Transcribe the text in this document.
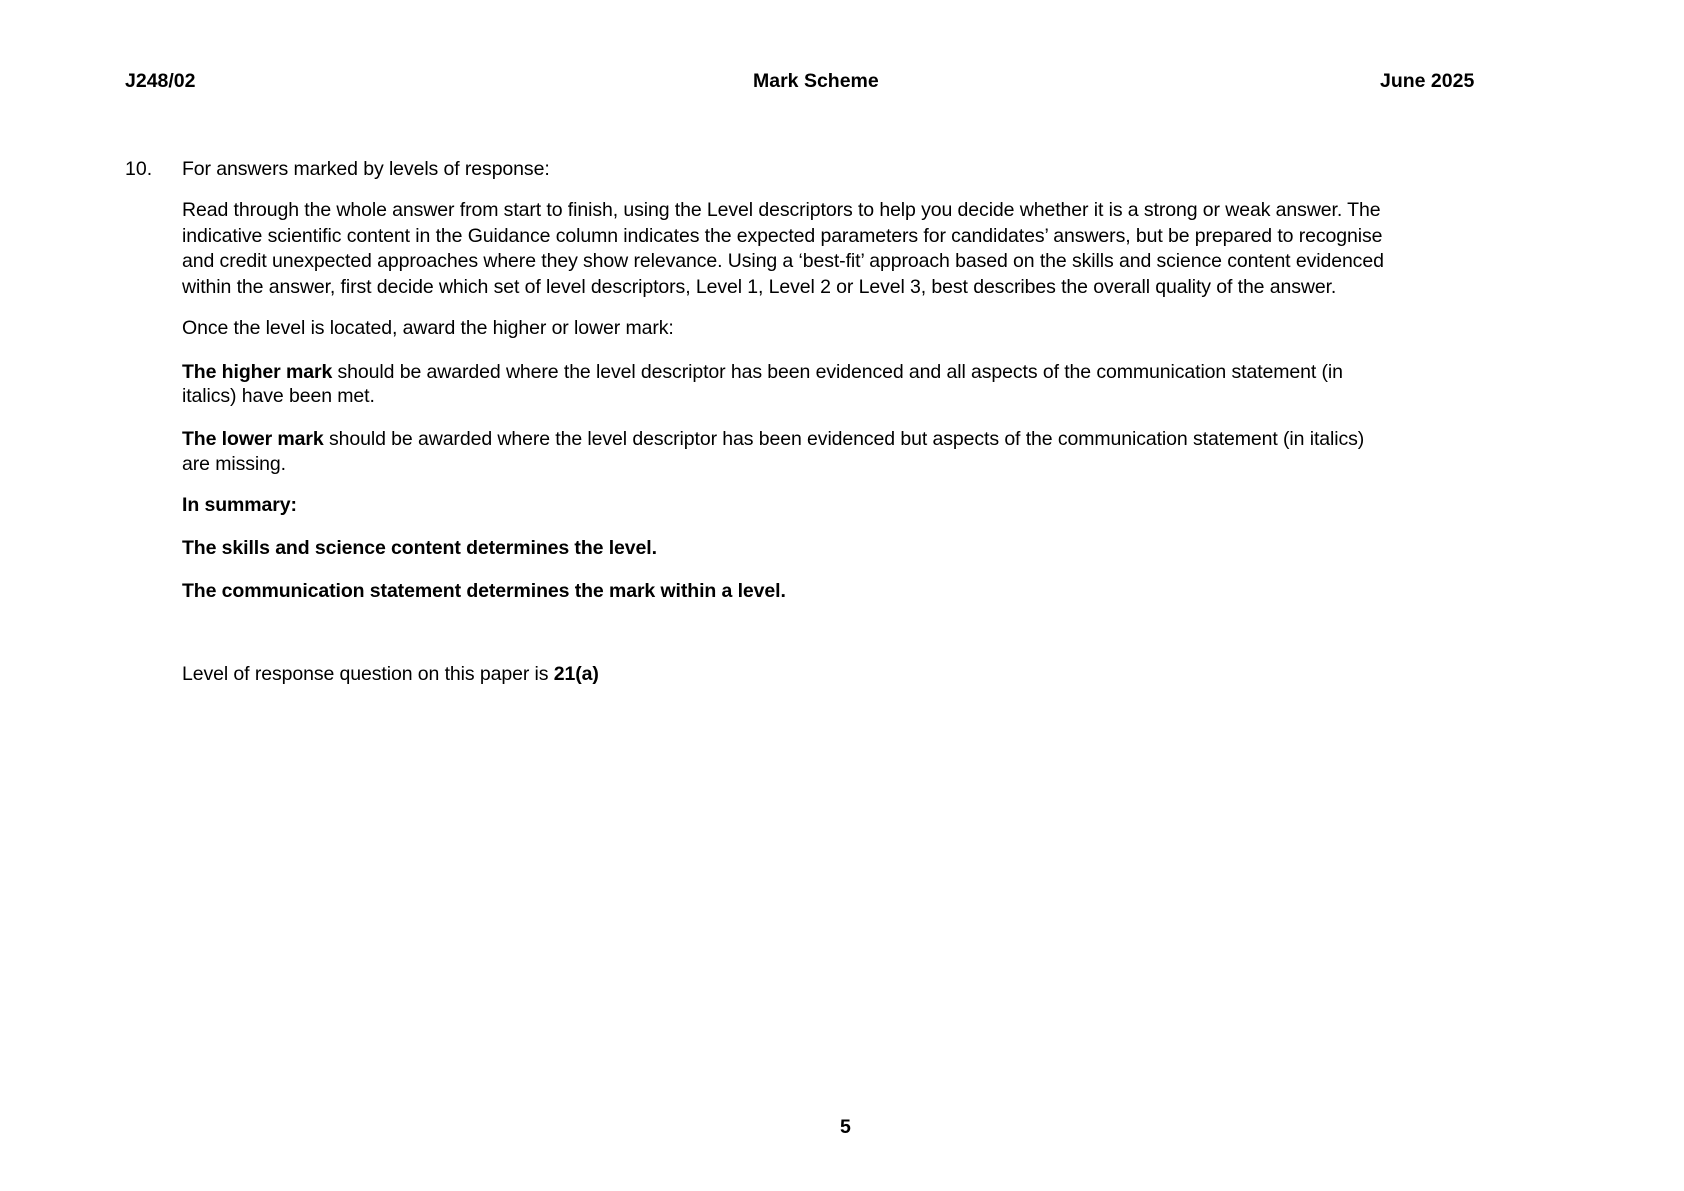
J248/02	Mark Scheme	June 2025
10. For answers marked by levels of response:
Read through the whole answer from start to finish, using the Level descriptors to help you decide whether it is a strong or weak answer. The
indicative scientific content in the Guidance column indicates the expected parameters for candidates’ answers, but be prepared to recognise
and credit unexpected approaches where they show relevance. Using a ‘best-fit’ approach based on the skills and science content evidenced
within the answer, first decide which set of level descriptors, Level 1, Level 2 or Level 3, best describes the overall quality of the answer.
Once the level is located, award the higher or lower mark:
The higher mark should be awarded where the level descriptor has been evidenced and all aspects of the communication statement (in
italics) have been met.
The lower mark should be awarded where the level descriptor has been evidenced but aspects of the communication statement (in italics)
are missing.
In summary:
The skills and science content determines the level.
The communication statement determines the mark within a level.
Level of response question on this paper is 21(a)
5
